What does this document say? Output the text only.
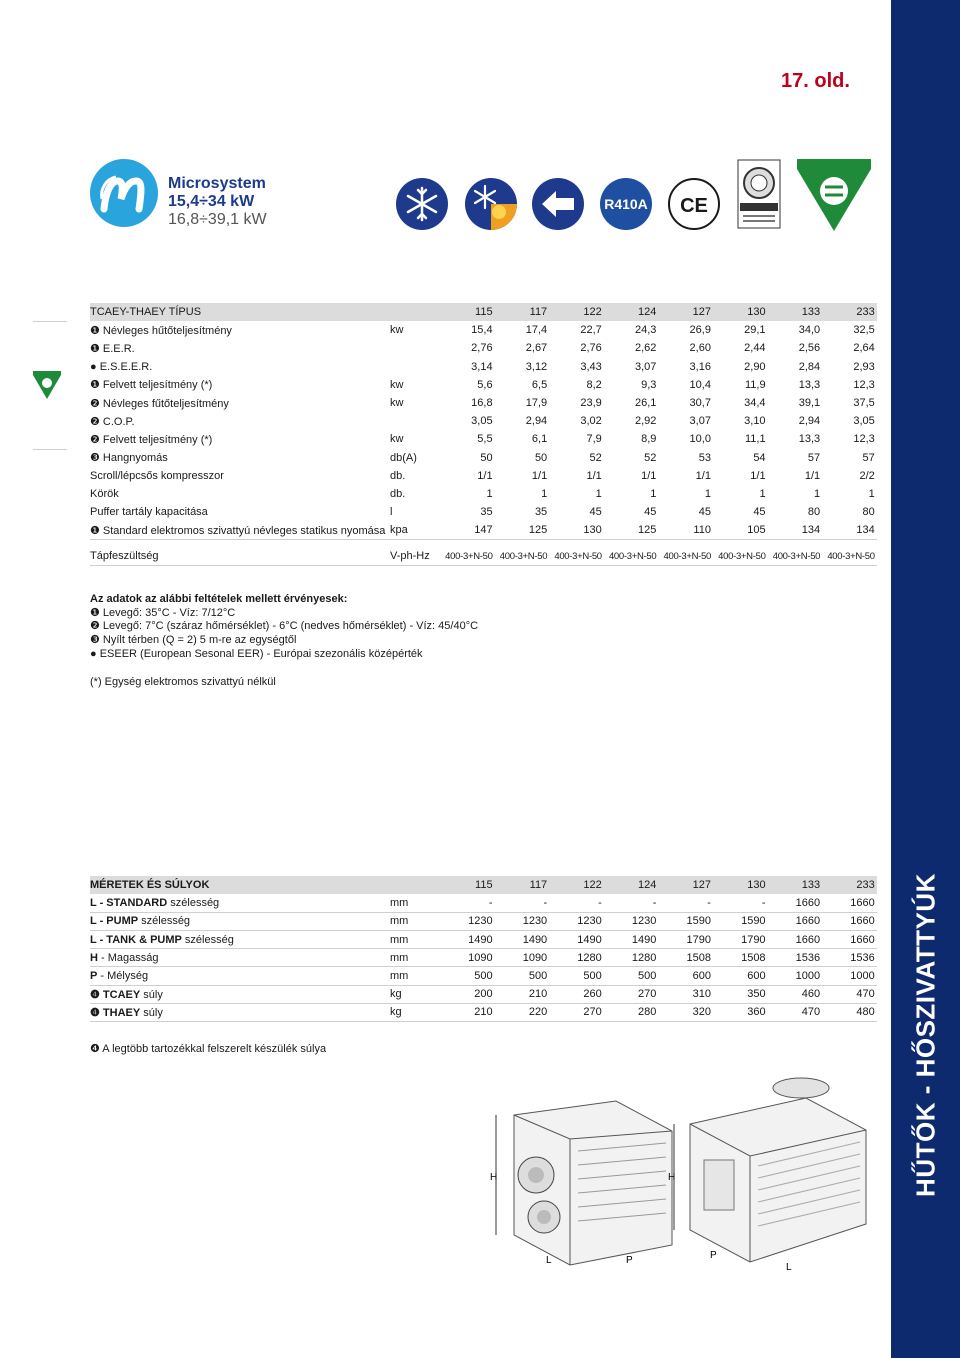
HŰTŐK - HŐSZIVATTYÚK
17. old.
Microsystem
15,4÷34 kW
16,8÷39,1 kW
R410A CE
TCAEY-THAEY TÍPUS		115	117	122	124	127	130	133	233
❶ Névleges hűtőteljesítmény	kw	15,4	17,4	22,7	24,3	26,9	29,1	34,0	32,5
❶ E.E.R.		2,76	2,67	2,76	2,62	2,60	2,44	2,56	2,64
● E.S.E.E.R.		3,14	3,12	3,43	3,07	3,16	2,90	2,84	2,93
❶ Felvett teljesítmény (*)	kw	5,6	6,5	8,2	9,3	10,4	11,9	13,3	12,3
❷ Névleges fűtőteljesítmény	kw	16,8	17,9	23,9	26,1	30,7	34,4	39,1	37,5
❷ C.O.P.		3,05	2,94	3,02	2,92	3,07	3,10	2,94	3,05
❷ Felvett teljesítmény (*)	kw	5,5	6,1	7,9	8,9	10,0	11,1	13,3	12,3
❸ Hangnyomás	db(A)	50	50	52	52	53	54	57	57
Scroll/lépcsős kompresszor	db.	1/1	1/1	1/1	1/1	1/1	1/1	1/1	2/2
Körök	db.	1	1	1	1	1	1	1	1
Puffer tartály kapacitása	l	35	35	45	45	45	45	80	80
❶ Standard elektromos szivattyú névleges statikus nyomása	kpa	147	125	130	125	110	105	134	134

Tápfeszültség	V-ph-Hz	400-3+N-50	400-3+N-50	400-3+N-50	400-3+N-50	400-3+N-50	400-3+N-50	400-3+N-50	400-3+N-50
Az adatok az alábbi feltételek mellett érvényesek:
❶ Levegő: 35°C - Víz: 7/12°C
❷ Levegő: 7°C (száraz hőmérséklet) - 6°C (nedves hőmérséklet) - Víz: 45/40°C
❸ Nyílt térben (Q = 2) 5 m-re az egységtől
● ESEER (European Sesonal EER) - Európai szezonális középérték
(*) Egység elektromos szivattyú nélkül
MÉRETEK ÉS SÚLYOK		115	117	122	124	127	130	133	233
L - STANDARD szélesség	mm	-	-	-	-	-	-	1660	1660
L - PUMP szélesség	mm	1230	1230	1230	1230	1590	1590	1660	1660
L - TANK & PUMP szélesség	mm	1490	1490	1490	1490	1790	1790	1660	1660
H - Magasság	mm	1090	1090	1280	1280	1508	1508	1536	1536
P - Mélység	mm	500	500	500	500	600	600	1000	1000
❹ TCAEY súly	kg	200	210	260	270	310	350	460	470
❹ THAEY súly	kg	210	220	270	280	320	360	470	480
❹ A legtöbb tartozékkal felszerelt készülék súlya
H
L	P
H
L
P
